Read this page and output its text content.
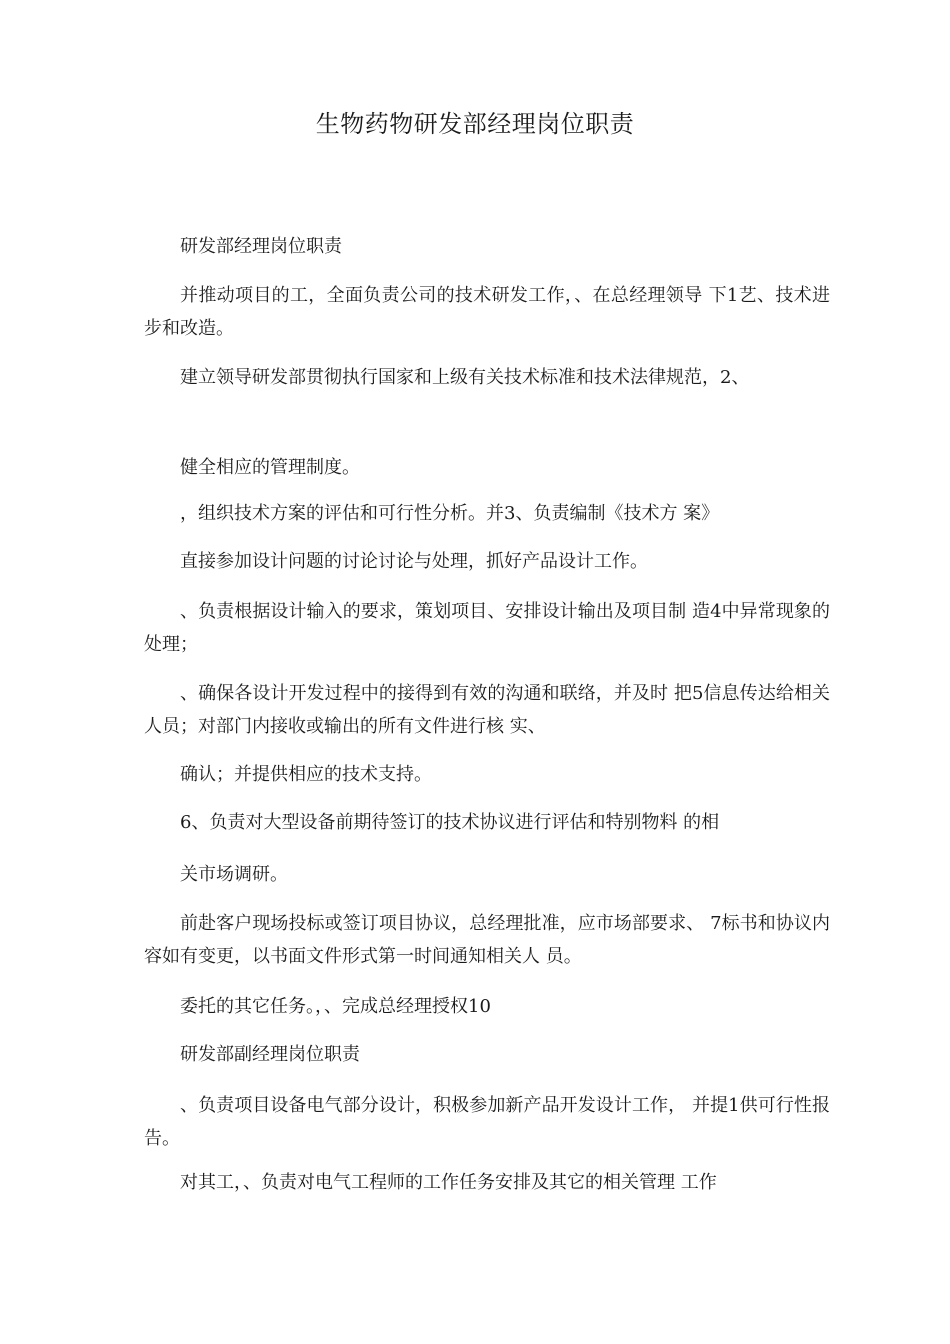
生物药物研发部经理岗位职责

研发部经理岗位职责

并推动项目的工，全面负责公司的技术研发工作，、在总经理领导 下1艺、技术进步和改造。

建立领导研发部贯彻执行国家和上级有关技术标准和技术法律规范，2、

健全相应的管理制度。

，组织技术方案的评估和可行性分析。并3、负责编制《技术方 案》

直接参加设计问题的讨论讨论与处理，抓好产品设计工作。

、负责根据设计输入的要求，策划项目、安排设计输出及项目制 造4中异常现象的处理；

、确保各设计开发过程中的接得到有效的沟通和联络，并及时 把5信息传达给相关人员；对部门内接收或输出的所有文件进行核 实、

确认；并提供相应的技术支持。

6、负责对大型设备前期待签订的技术协议进行评估和特别物料 的相

关市场调研。

前赴客户现场投标或签订项目协议，总经理批准，应市场部要求、 7标书和协议内容如有变更，以书面文件形式第一时间通知相关人 员。

委托的其它任务。，、完成总经理授权10

研发部副经理岗位职责

、负责项目设备电气部分设计，积极参加新产品开发设计工作， 并提1供可行性报告。

对其工，、负责对电气工程师的工作任务安排及其它的相关管理 工作
